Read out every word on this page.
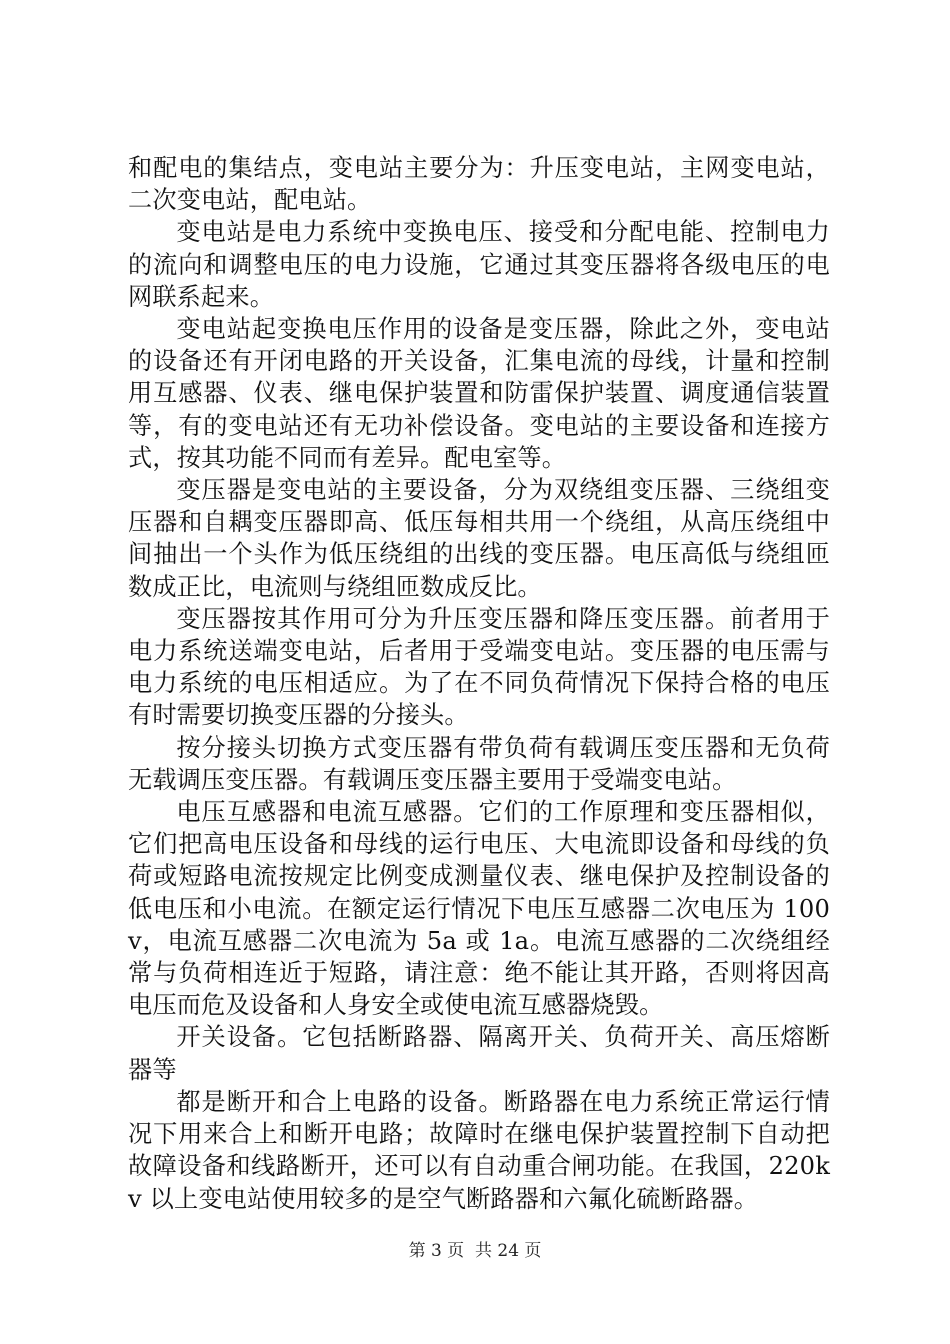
和配电的集结点，变电站主要分为：升压变电站，主网变电站，二次变电站，配电站。

变电站是电力系统中变换电压、接受和分配电能、控制电力的流向和调整电压的电力设施，它通过其变压器将各级电压的电网联系起来。

变电站起变换电压作用的设备是变压器，除此之外，变电站的设备还有开闭电路的开关设备，汇集电流的母线，计量和控制用互感器、仪表、继电保护装置和防雷保护装置、调度通信装置等，有的变电站还有无功补偿设备。变电站的主要设备和连接方式，按其功能不同而有差异。配电室等。

变压器是变电站的主要设备，分为双绕组变压器、三绕组变压器和自耦变压器即高、低压每相共用一个绕组，从高压绕组中间抽出一个头作为低压绕组的出线的变压器。电压高低与绕组匝数成正比，电流则与绕组匝数成反比。

变压器按其作用可分为升压变压器和降压变压器。前者用于电力系统送端变电站，后者用于受端变电站。变压器的电压需与电力系统的电压相适应。为了在不同负荷情况下保持合格的电压有时需要切换变压器的分接头。

按分接头切换方式变压器有带负荷有载调压变压器和无负荷无载调压变压器。有载调压变压器主要用于受端变电站。

电压互感器和电流互感器。它们的工作原理和变压器相似，它们把高电压设备和母线的运行电压、大电流即设备和母线的负荷或短路电流按规定比例变成测量仪表、继电保护及控制设备的低电压和小电流。在额定运行情况下电压互感器二次电压为 100v，电流互感器二次电流为 5a 或 1a。电流互感器的二次绕组经常与负荷相连近于短路，请注意：绝不能让其开路，否则将因高电压而危及设备和人身安全或使电流互感器烧毁。

开关设备。它包括断路器、隔离开关、负荷开关、高压熔断器等

都是断开和合上电路的设备。断路器在电力系统正常运行情况下用来合上和断开电路；故障时在继电保护装置控制下自动把故障设备和线路断开，还可以有自动重合闸功能。在我国，220kv 以上变电站使用较多的是空气断路器和六氟化硫断路器。

第 3 页  共 24 页
